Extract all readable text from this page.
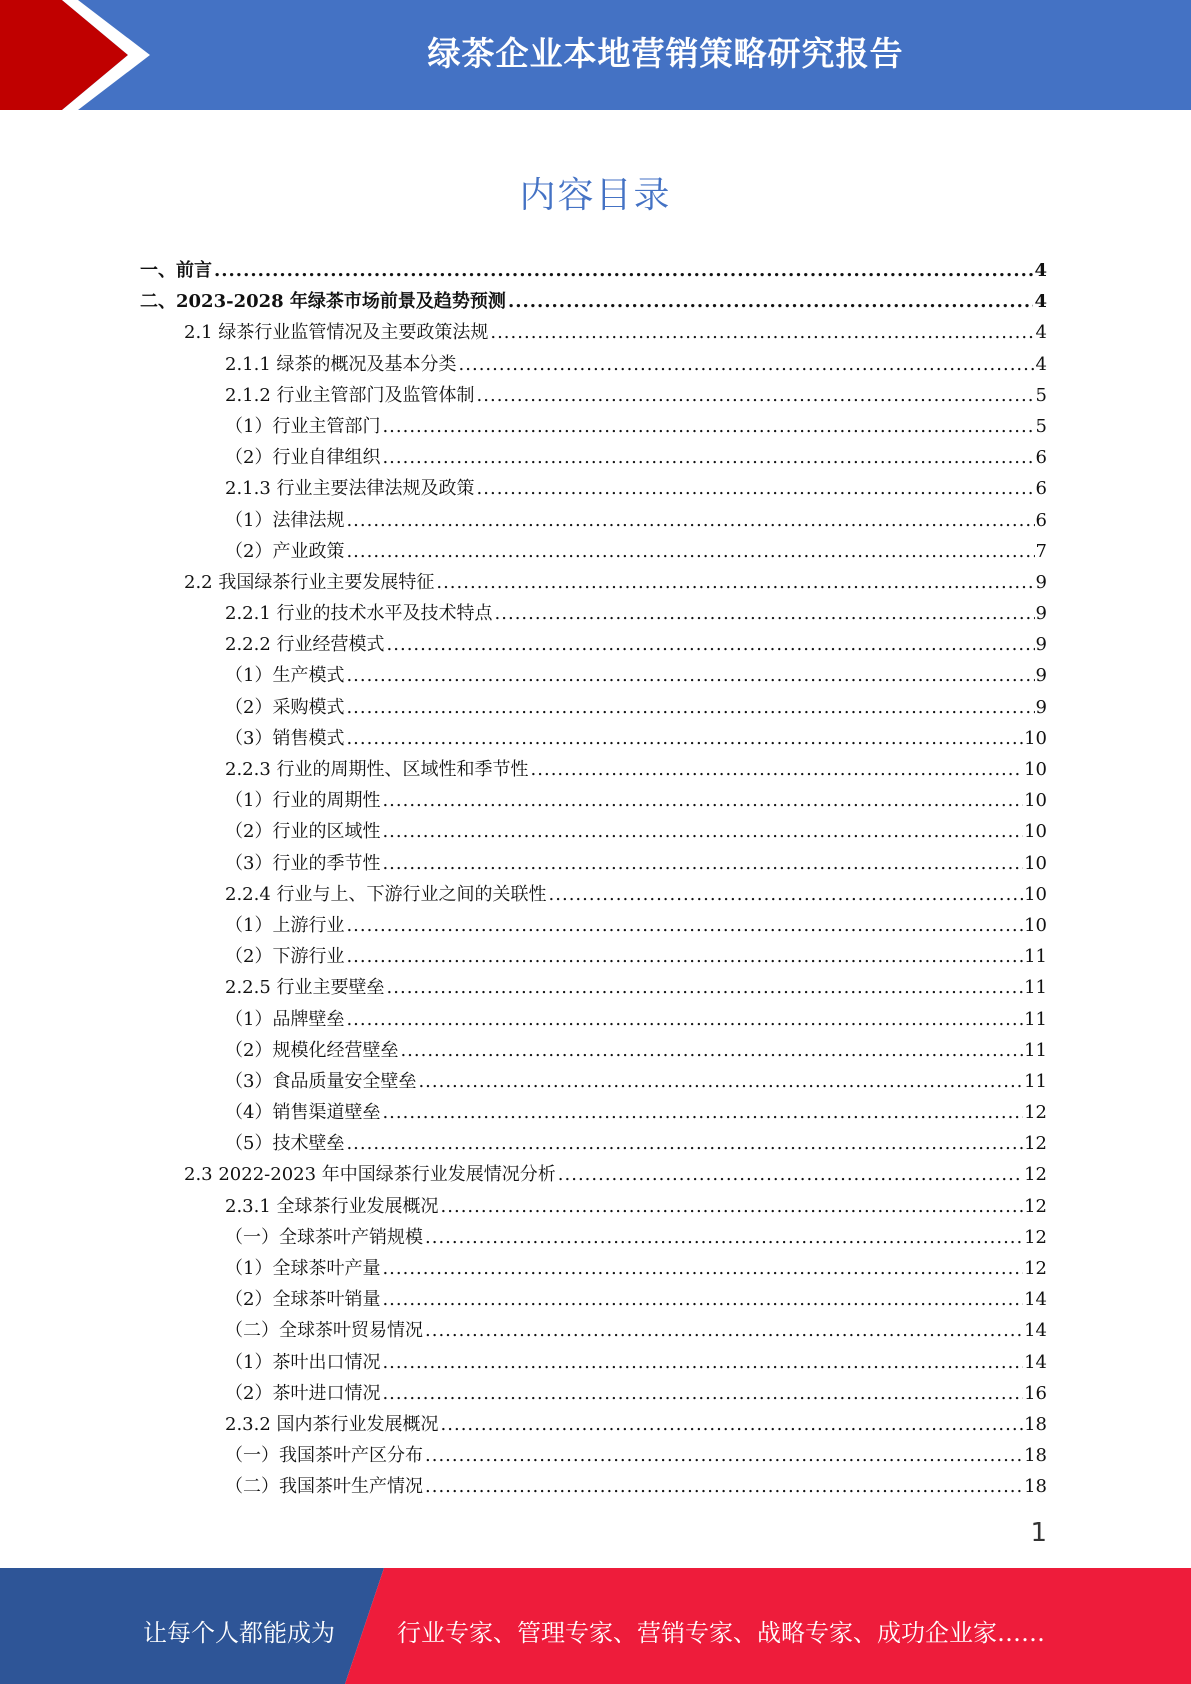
绿茶企业本地营销策略研究报告
内容目录
一、前言 .....	4
二、2023-2028 年绿茶市场前景及趋势预测 .....	4
2.1 绿茶行业监管情况及主要政策法规 .....	4
2.1.1 绿茶的概况及基本分类 .....	4
2.1.2 行业主管部门及监管体制 .....	5
（1）行业主管部门 .....	5
（2）行业自律组织 .....	6
2.1.3 行业主要法律法规及政策 .....	6
（1）法律法规 .....	6
（2）产业政策 .....	7
2.2 我国绿茶行业主要发展特征 .....	9
2.2.1 行业的技术水平及技术特点 .....	9
2.2.2 行业经营模式 .....	9
（1）生产模式 .....	9
（2）采购模式 .....	9
（3）销售模式 .....	10
2.2.3 行业的周期性、区域性和季节性 .....	10
（1）行业的周期性 .....	10
（2）行业的区域性 .....	10
（3）行业的季节性 .....	10
2.2.4 行业与上、下游行业之间的关联性 .....	10
（1）上游行业 .....	10
（2）下游行业 .....	11
2.2.5 行业主要壁垒 .....	11
（1）品牌壁垒 .....	11
（2）规模化经营壁垒 .....	11
（3）食品质量安全壁垒 .....	11
（4）销售渠道壁垒 .....	12
（5）技术壁垒 .....	12
2.3 2022-2023 年中国绿茶行业发展情况分析 .....	12
2.3.1 全球茶行业发展概况 .....	12
（一）全球茶叶产销规模 .....	12
（1）全球茶叶产量 .....	12
（2）全球茶叶销量 .....	14
（二）全球茶叶贸易情况 .....	14
（1）茶叶出口情况 .....	14
（2）茶叶进口情况 .....	16
2.3.2 国内茶行业发展概况 .....	18
（一）我国茶叶产区分布 .....	18
（二）我国茶叶生产情况 .....	18
1
让每个人都能成为	行业专家、管理专家、营销专家、战略专家、成功企业家……
